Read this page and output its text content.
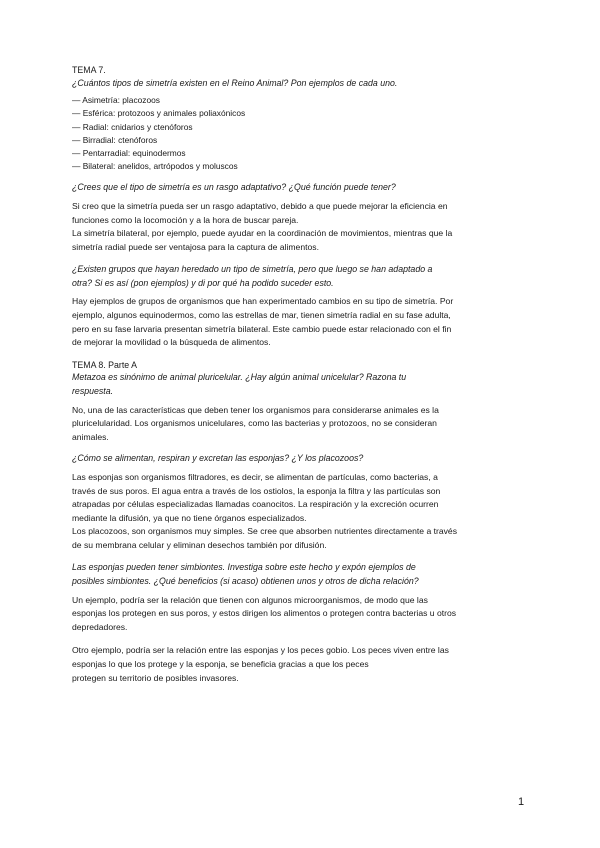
TEMA 7.

¿Cuántos tipos de simetría existen en el Reino Animal? Pon ejemplos de cada uno.

— Asimetría: placozoos
— Esférica: protozoos y animales poliaxónicos
— Radial: cnidarios y ctenóforos
— Birradial: ctenóforos
— Pentarradial: equinodermos
— Bilateral: anelidos, artrópodos y moluscos

¿Crees que el tipo de simetría es un rasgo adaptativo? ¿Qué función puede tener?

Si creo que la simetría pueda ser un rasgo adaptativo, debido a que puede mejorar la eficiencia en

funciones como la locomoción y a la hora de buscar pareja.

La simetría bilateral, por ejemplo, puede ayudar en la coordinación de movimientos, mientras que la

simetría radial puede ser ventajosa para la captura de alimentos.

¿Existen grupos que hayan heredado un tipo de simetría, pero que luego se han adaptado a

otra? Si es así (pon ejemplos) y di por qué ha podido suceder esto.

Hay ejemplos de grupos de organismos que han experimentado cambios en su tipo de simetría. Por

ejemplo, algunos equinodermos, como las estrellas de mar, tienen simetría radial en su fase adulta,

pero en su fase larvaria presentan simetría bilateral. Este cambio puede estar relacionado con el fin

de mejorar la movilidad o la búsqueda de alimentos.

TEMA 8. Parte A

Metazoa es sinónimo de animal pluricelular. ¿Hay algún animal unicelular? Razona tu

respuesta.

No, una de las características que deben tener los organismos para considerarse animales es la

pluricelularidad. Los organismos unicelulares, como las bacterias y protozoos, no se consideran

animales.

¿Cómo se alimentan, respiran y excretan las esponjas? ¿Y los placozoos?

Las esponjas son organismos filtradores, es decir, se alimentan de partículas, como bacterias, a

través de sus poros. El agua entra a través de los ostiolos, la esponja la filtra y las partículas son

atrapadas por células especializadas llamadas coanocitos. La respiración y la excreción ocurren

mediante la difusión, ya que no tiene órganos especializados.

Los placozoos, son organismos muy simples. Se cree que absorben nutrientes directamente a través

de su membrana celular y eliminan desechos también por difusión.

Las esponjas pueden tener simbiontes. Investiga sobre este hecho y expón ejemplos de

posibles simbiontes. ¿Qué beneficios (si acaso) obtienen unos y otros de dicha relación?

Un ejemplo, podría ser la relación que tienen con algunos microorganismos, de modo que las

esponjas los protegen en sus poros, y estos dirigen los alimentos o protegen contra bacterias u otros

depredadores.

Otro ejemplo, podría ser la relación entre las esponjas y los peces gobio. Los peces viven entre las

esponjas lo que los protege y la esponja, se beneficia gracias a que los peces

protegen su territorio de posibles invasores.

1
